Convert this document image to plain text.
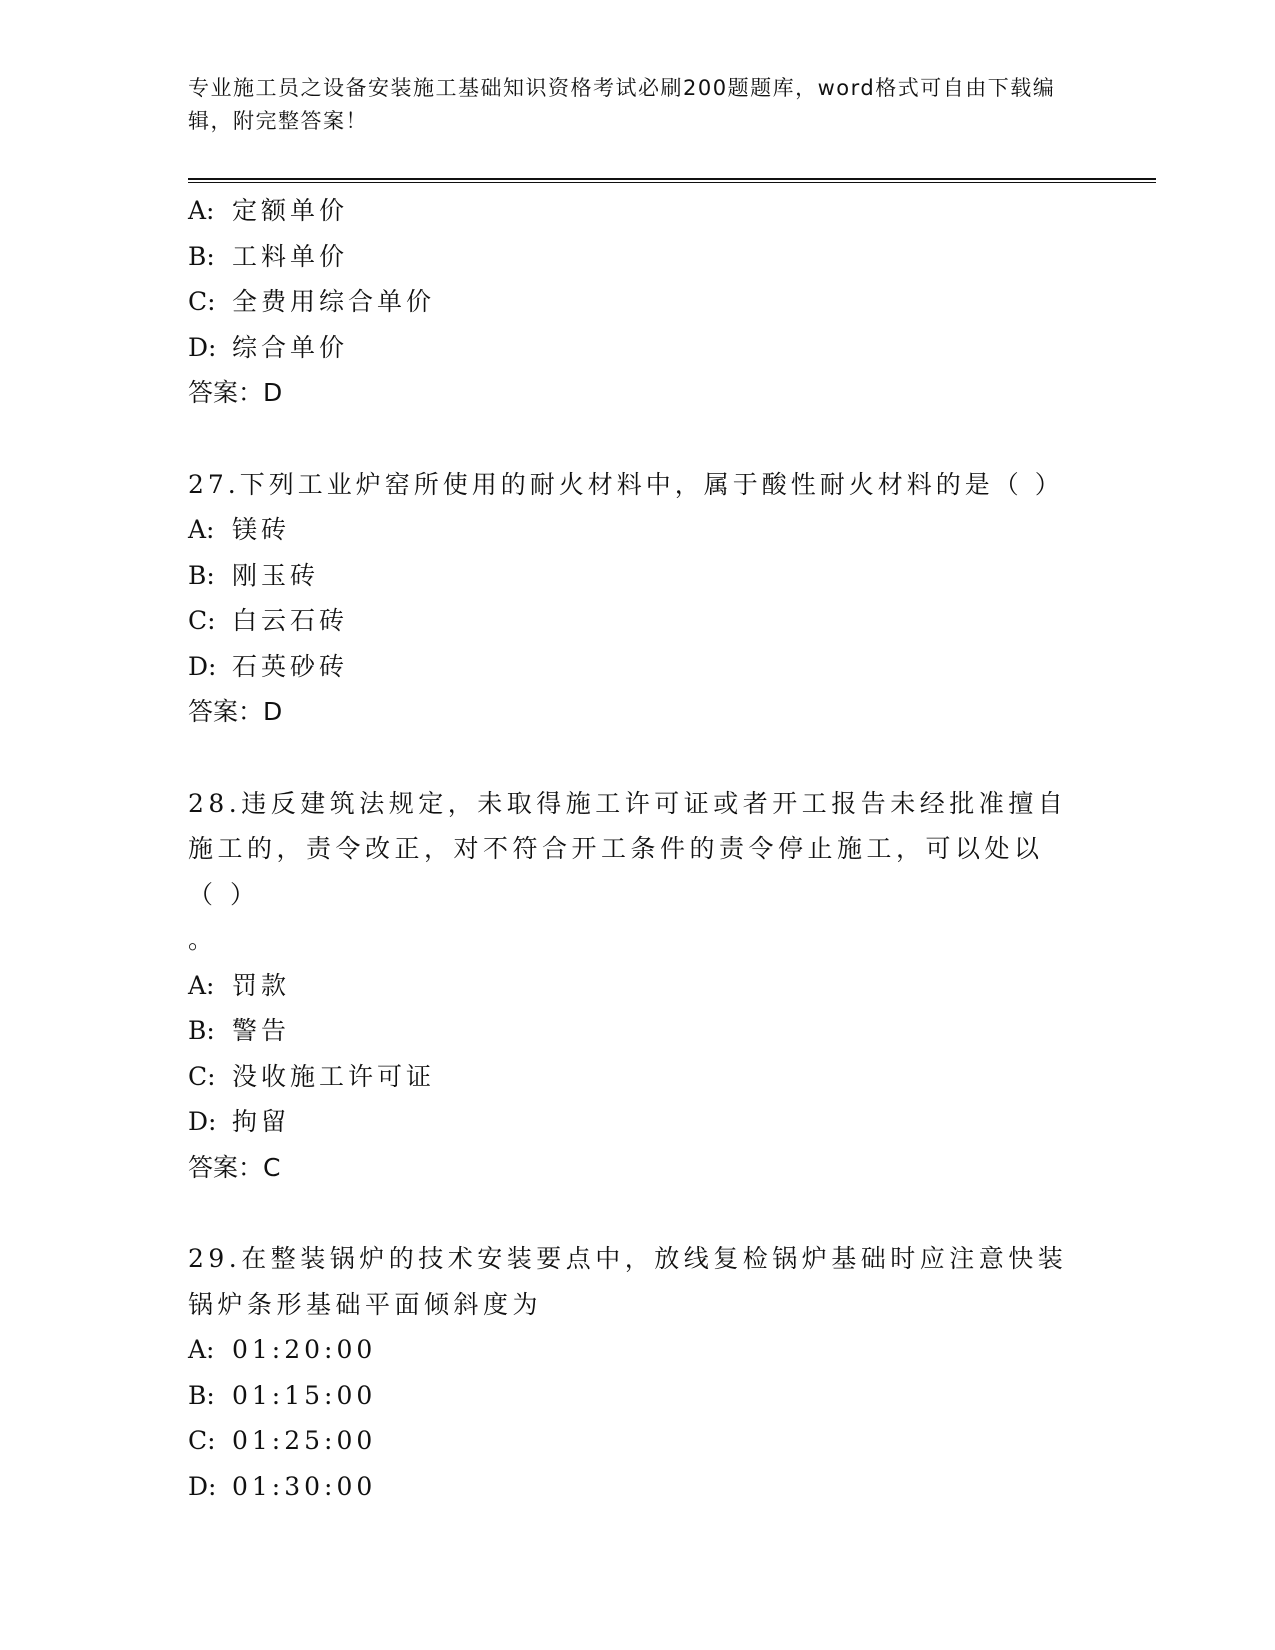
专业施工员之设备安装施工基础知识资格考试必刷200题题库，word格式可自由下载编辑，附完整答案！
A: 定额单价
B: 工料单价
C: 全费用综合单价
D: 综合单价
答案：D
27.下列工业炉窑所使用的耐火材料中，属于酸性耐火材料的是（ ）
A: 镁砖
B: 刚玉砖
C: 白云石砖
D: 石英砂砖
答案：D
28.违反建筑法规定，未取得施工许可证或者开工报告未经批准擅自施工的，责令改正，对不符合开工条件的责令停止施工，可以处以（ ）
。
A: 罚款
B: 警告
C: 没收施工许可证
D: 拘留
答案：C
29.在整装锅炉的技术安装要点中，放线复检锅炉基础时应注意快装锅炉条形基础平面倾斜度为
A: 01:20:00
B: 01:15:00
C: 01:25:00
D: 01:30:00
